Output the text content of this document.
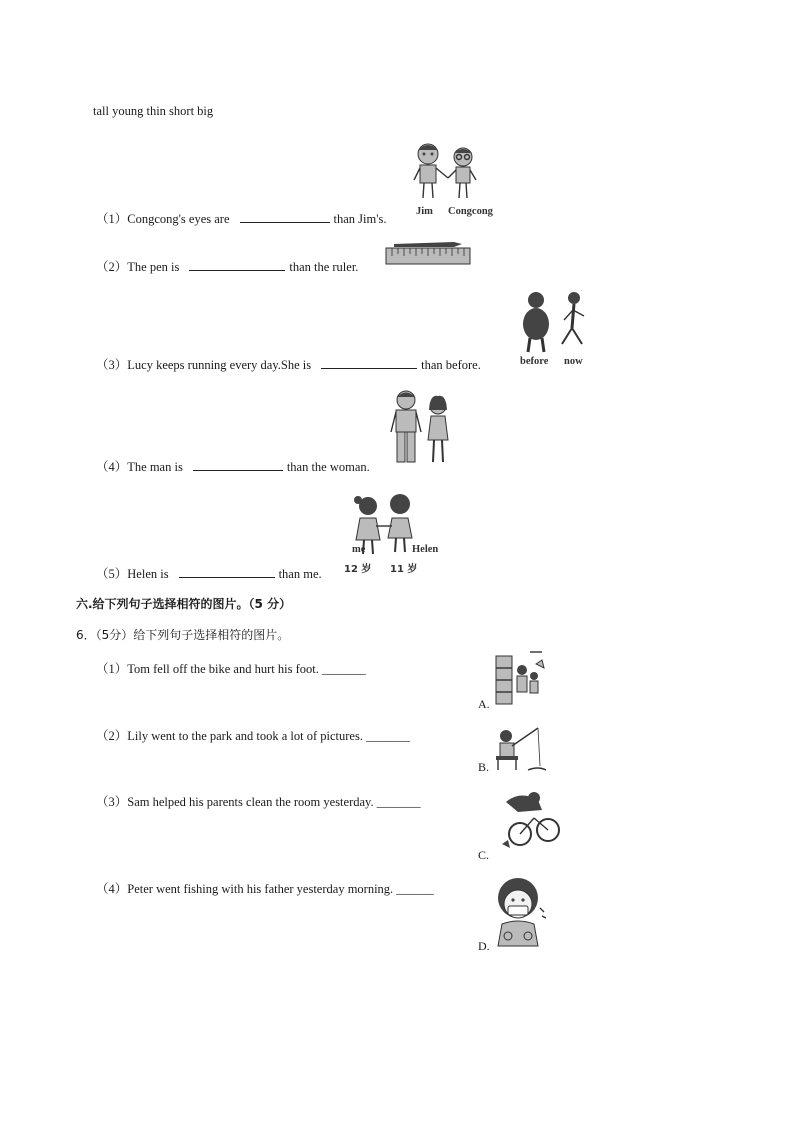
tall young thin short big
Jim Congcong
（1）Congcong's eyes are	than Jim's.
（2）The pen is	than the ruler.
before now
（3）Lucy keeps running every day.She is	than before.
（4）The man is	than the woman.
me	Helen
12 岁 11 岁
（5）Helen is	than me.
六.给下列句子选择相符的图片。（5 分）
6．（5分）给下列句子选择相符的图片。
（1）Tom fell off the bike and hurt his foot. _______
（2）Lily went to the park and took a lot of pictures. _______
（3）Sam helped his parents clean the room yesterday. _______
（4）Peter went fishing with his father yesterday morning. ______
A.
B.
C.
D.
